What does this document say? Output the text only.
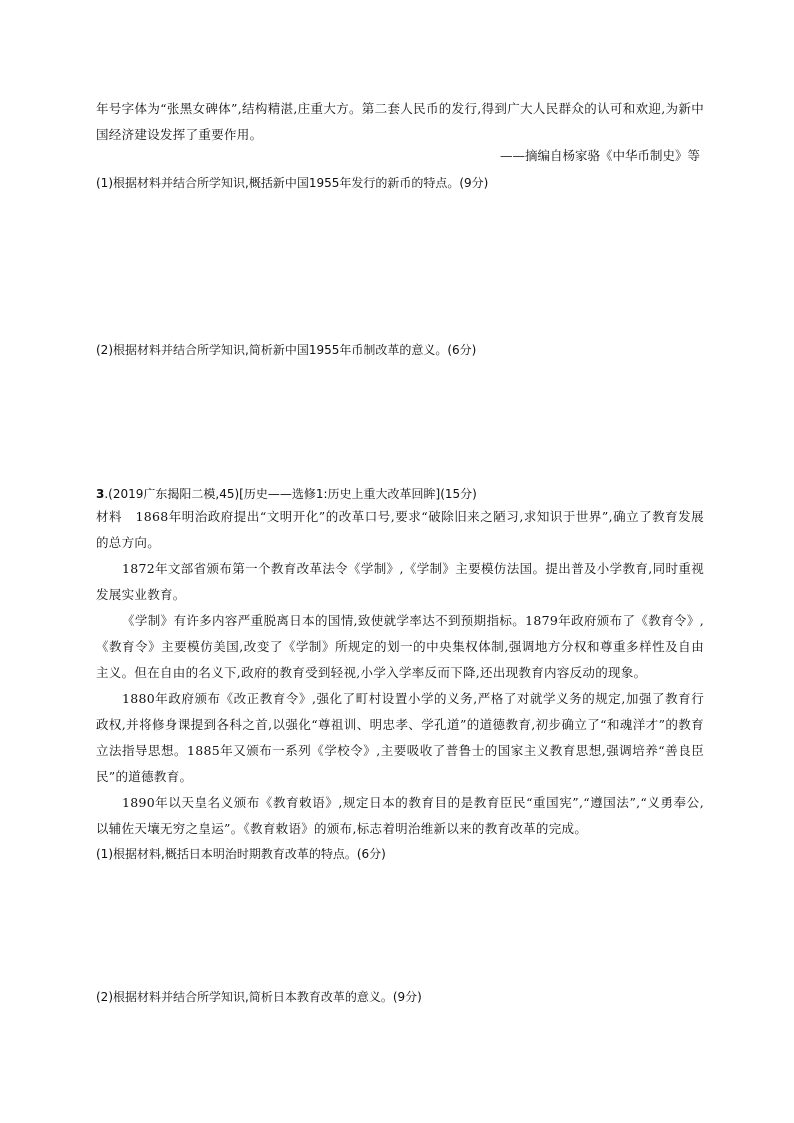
年号字体为“张黑女碑体”,结构精湛,庄重大方。第二套人民币的发行,得到广大人民群众的认可和欢迎,为新中国经济建设发挥了重要作用。

——摘编自杨家骆《中华币制史》等
(1)根据材料并结合所学知识,概括新中国1955年发行的新币的特点。(9分)
(2)根据材料并结合所学知识,简析新中国1955年币制改革的意义。(6分)
3.(2019广东揭阳二模,45)[历史——选修1:历史上重大改革回眸](15分)

材料 1868年明治政府提出“文明开化”的改革口号,要求“破除旧来之陋习,求知识于世界”,确立了教育发展的总方向。

1872年文部省颁布第一个教育改革法令《学制》,《学制》主要模仿法国。提出普及小学教育,同时重视发展实业教育。

《学制》有许多内容严重脱离日本的国情,致使就学率达不到预期指标。1879年政府颁布了《教育令》,《教育令》主要模仿美国,改变了《学制》所规定的划一的中央集权体制,强调地方分权和尊重多样性及自由主义。但在自由的名义下,政府的教育受到轻视,小学入学率反而下降,还出现教育内容反动的现象。

1880年政府颁布《改正教育令》,强化了町村设置小学的义务,严格了对就学义务的规定,加强了教育行政权,并将修身课提到各科之首,以强化“尊祖训、明忠孝、学孔道”的道德教育,初步确立了“和魂洋才”的教育立法指导思想。1885年又颁布一系列《学校令》,主要吸收了普鲁士的国家主义教育思想,强调培养“善良臣民”的道德教育。

1890年以天皇名义颁布《教育敕语》,规定日本的教育目的是教育臣民“重国宪”,“遵国法”,“义勇奉公,以辅佐天壤无穷之皇运”。《教育敕语》的颁布,标志着明治维新以来的教育改革的完成。

(1)根据材料,概括日本明治时期教育改革的特点。(6分)
(2)根据材料并结合所学知识,简析日本教育改革的意义。(9分)
